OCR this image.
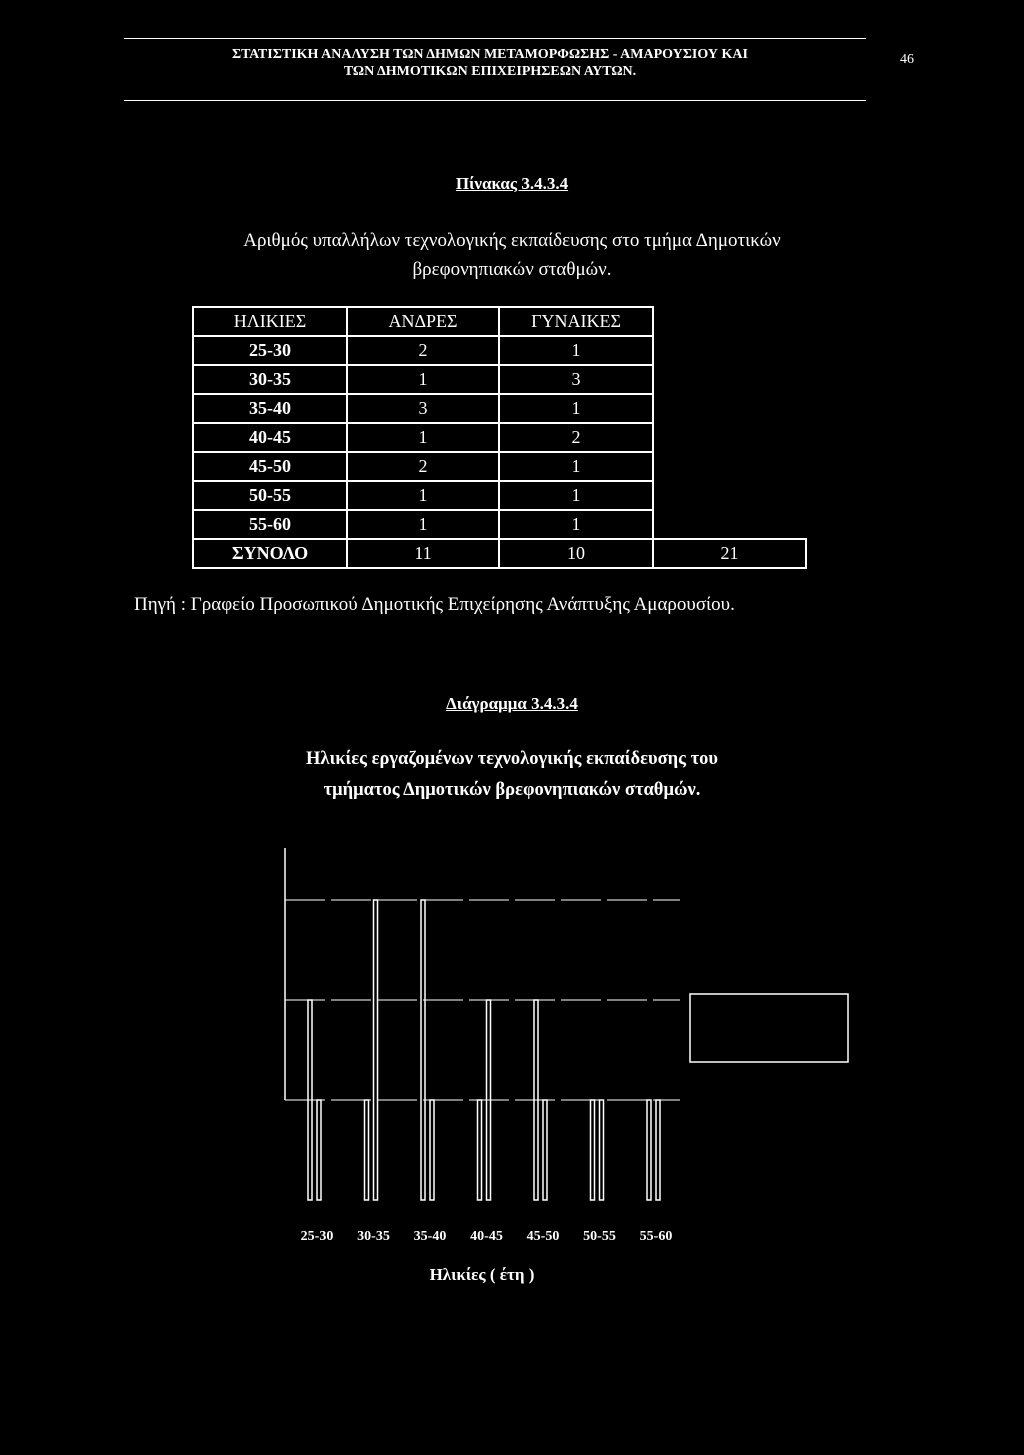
ΣΤΑΤΙΣΤΙΚΗ ΑΝΑΛΥΣΗ ΤΩΝ ΔΗΜΩΝ ΜΕΤΑΜΟΡΦΩΣΗΣ - ΑΜΑΡΟΥΣΙΟΥ ΚΑΙ
ΤΩΝ ΔΗΜΟΤΙΚΩΝ ΕΠΙΧΕΙΡΗΣΕΩΝ ΑΥΤΩΝ.
46
Πίνακας 3.4.3.4
Αριθμός υπαλλήλων τεχνολογικής εκπαίδευσης στο τμήμα Δημοτικών
βρεφονηπιακών σταθμών.
ΗΛΙΚΙΕΣ	ΑΝΔΡΕΣ	ΓΥΝΑΙΚΕΣ	
25-30	2	1	
30-35	1	3	
35-40	3	1	
40-45	1	2	
45-50	2	1	
50-55	1	1	
55-60	1	1	
ΣΥΝΟΛΟ	11	10	21
Πηγή : Γραφείο Προσωπικού Δημοτικής Επιχείρησης Ανάπτυξης Αμαρουσίου.
Διάγραμμα 3.4.3.4
Ηλικίες εργαζομένων τεχνολογικής εκπαίδευσης του
τμήματος Δημοτικών βρεφονηπιακών σταθμών.
25-30 30-35 35-40 40-45 45-50 50-55 55-60
Ηλικίες ( έτη )
